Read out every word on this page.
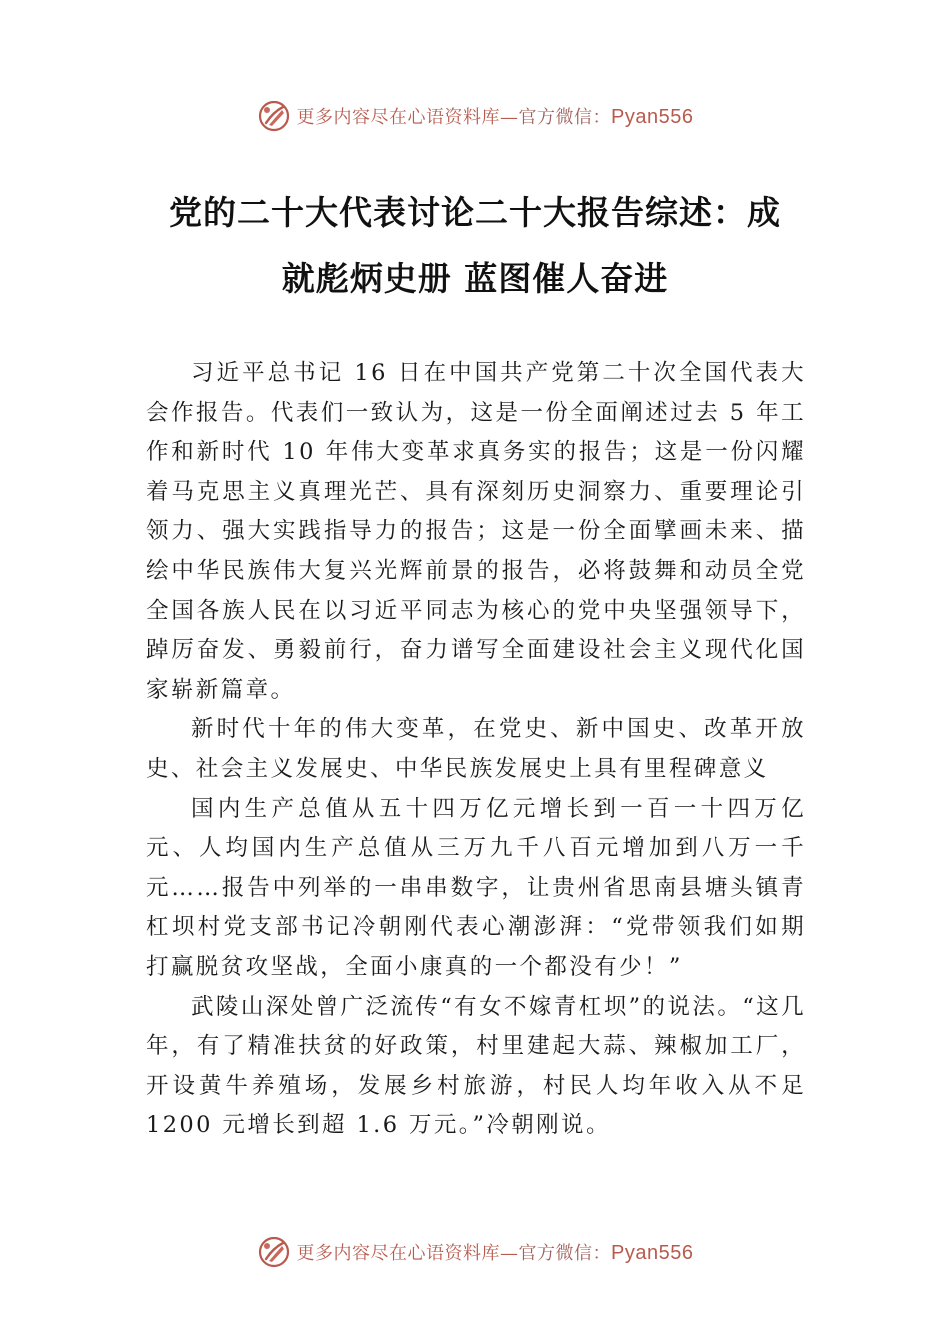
更多内容尽在心语资料库—官方微信：Pyan556
党的二十大代表讨论二十大报告综述：成
就彪炳史册 蓝图催人奋进

习近平总书记 16 日在中国共产党第二十次全国代表大会作报告。代表们一致认为，这是一份全面阐述过去 5 年工作和新时代 10 年伟大变革求真务实的报告；这是一份闪耀着马克思主义真理光芒、具有深刻历史洞察力、重要理论引领力、强大实践指导力的报告；这是一份全面擘画未来、描绘中华民族伟大复兴光辉前景的报告，必将鼓舞和动员全党全国各族人民在以习近平同志为核心的党中央坚强领导下，踔厉奋发、勇毅前行，奋力谱写全面建设社会主义现代化国家崭新篇章。

新时代十年的伟大变革，在党史、新中国史、改革开放史、社会主义发展史、中华民族发展史上具有里程碑意义

国内生产总值从五十四万亿元增长到一百一十四万亿元、人均国内生产总值从三万九千八百元增加到八万一千元……报告中列举的一串串数字，让贵州省思南县塘头镇青杠坝村党支部书记冷朝刚代表心潮澎湃：“党带领我们如期打赢脱贫攻坚战，全面小康真的一个都没有少！”

武陵山深处曾广泛流传“有女不嫁青杠坝”的说法。“这几年，有了精准扶贫的好政策，村里建起大蒜、辣椒加工厂，开设黄牛养殖场，发展乡村旅游，村民人均年收入从不足 1200 元增长到超 1.6 万元。”冷朝刚说。

更多内容尽在心语资料库—官方微信：Pyan556
